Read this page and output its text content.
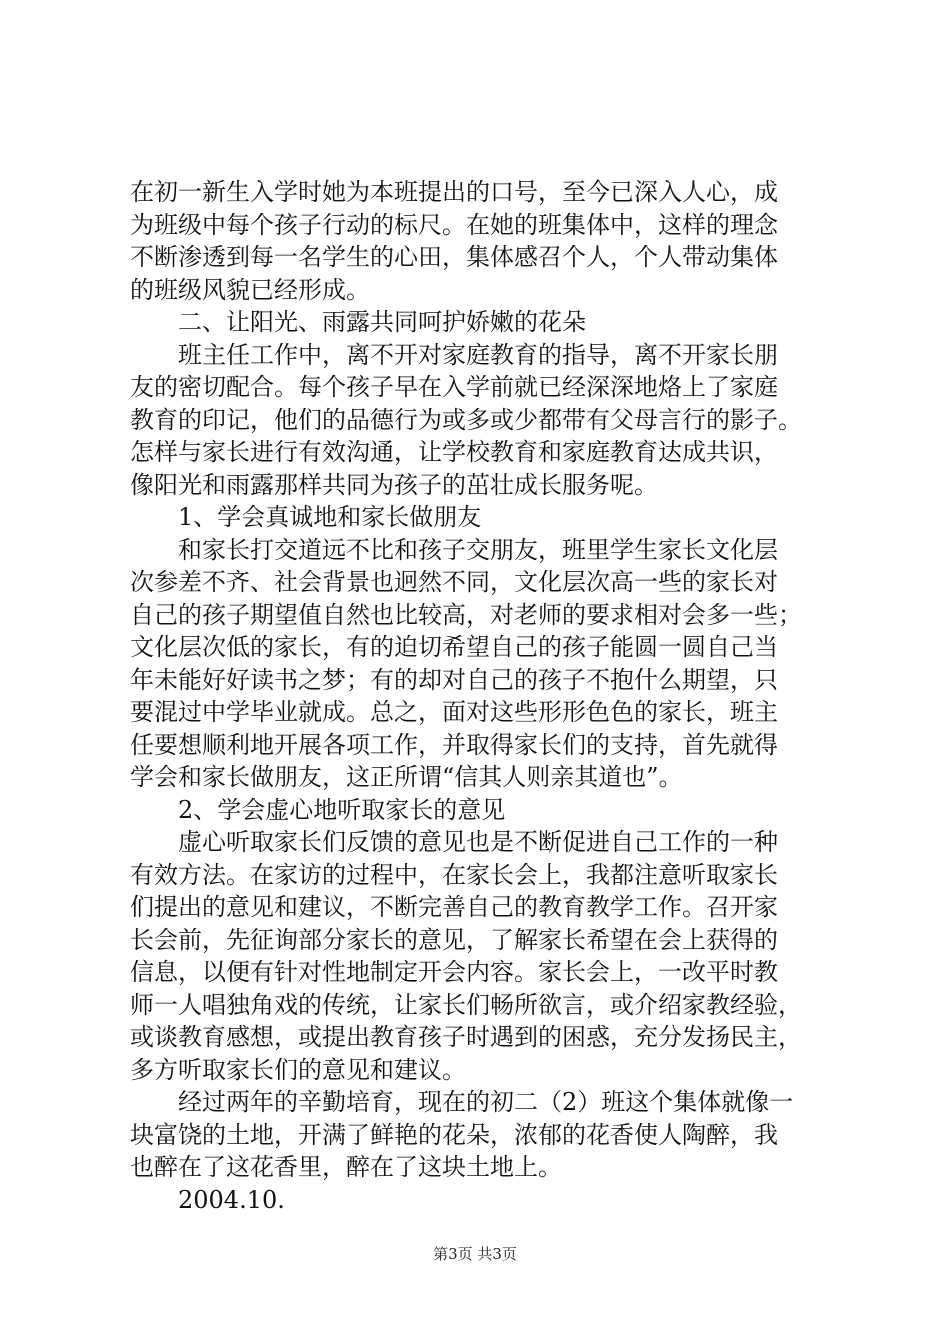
在初一新生入学时她为本班提出的口号，至今已深入人心，成
为班级中每个孩子行动的标尺。在她的班集体中，这样的理念
不断渗透到每一名学生的心田，集体感召个人，个人带动集体
的班级风貌已经形成。
二、让阳光、雨露共同呵护娇嫩的花朵
班主任工作中，离不开对家庭教育的指导，离不开家长朋
友的密切配合。每个孩子早在入学前就已经深深地烙上了家庭
教育的印记，他们的品德行为或多或少都带有父母言行的影子。
怎样与家长进行有效沟通，让学校教育和家庭教育达成共识，
像阳光和雨露那样共同为孩子的茁壮成长服务呢。
1、学会真诚地和家长做朋友
和家长打交道远不比和孩子交朋友，班里学生家长文化层
次参差不齐、社会背景也迥然不同，文化层次高一些的家长对
自己的孩子期望值自然也比较高，对老师的要求相对会多一些；
文化层次低的家长，有的迫切希望自己的孩子能圆一圆自己当
年未能好好读书之梦；有的却对自己的孩子不抱什么期望，只
要混过中学毕业就成。总之，面对这些形形色色的家长，班主
任要想顺利地开展各项工作，并取得家长们的支持，首先就得
学会和家长做朋友，这正所谓“信其人则亲其道也”。
2、学会虚心地听取家长的意见
虚心听取家长们反馈的意见也是不断促进自己工作的一种
有效方法。在家访的过程中，在家长会上，我都注意听取家长
们提出的意见和建议，不断完善自己的教育教学工作。召开家
长会前，先征询部分家长的意见，了解家长希望在会上获得的
信息，以便有针对性地制定开会内容。家长会上，一改平时教
师一人唱独角戏的传统，让家长们畅所欲言，或介绍家教经验，
或谈教育感想，或提出教育孩子时遇到的困惑，充分发扬民主，
多方听取家长们的意见和建议。
经过两年的辛勤培育，现在的初二（2）班这个集体就像一
块富饶的土地，开满了鲜艳的花朵，浓郁的花香使人陶醉，我
也醉在了这花香里，醉在了这块土地上。
2004.10.
第3页 共3页
